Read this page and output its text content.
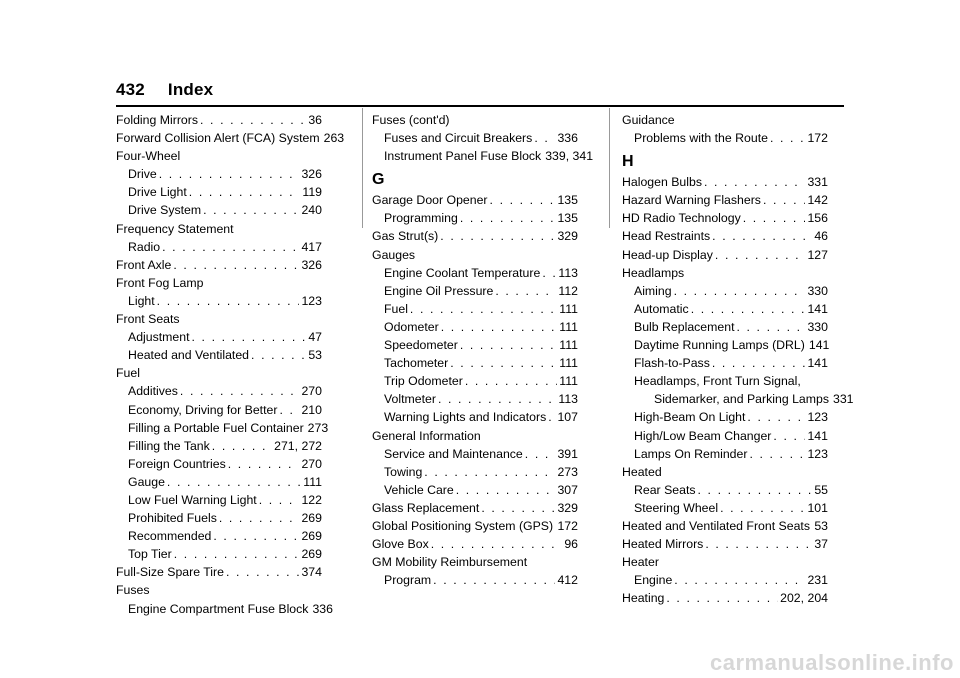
432 Index
Folding Mirrors . . .	36
Forward Collision Alert (FCA) System 263
Four-Wheel
Drive . . .	326
Drive Light . . .	119
Drive System . . .	240
Frequency Statement
Radio . . .	417
Front Axle . . .	326
Front Fog Lamp
Light . . .	123
Front Seats
Adjustment . . .	47
Heated and Ventilated . . .	53
Fuel
Additives . . .	270
Economy, Driving for Better . . . 210
Filling a Portable Fuel Container 273
Filling the Tank . . .	271, 272
Foreign Countries . . .	270
Gauge . . .	111
Low Fuel Warning Light . . .	122
Prohibited Fuels . . .	269
Recommended . . .	269
Top Tier . . .	269
Full-Size Spare Tire . . .	374
Fuses
Engine Compartment Fuse Block 336
Fuses (cont'd)
Fuses and Circuit Breakers . . . 336
Instrument Panel Fuse Block 339, 341
G
Garage Door Opener . . .	135
Programming . . .	135
Gas Strut(s) . . .	329
Gauges
Engine Coolant Temperature . . . 113
Engine Oil Pressure . . .	112
Fuel . . .	111
Odometer . . .	111
Speedometer . . .	111
Tachometer . . .	111
Trip Odometer . . .	111
Voltmeter . . .	113
Warning Lights and Indicators . . . 107
General Information
Service and Maintenance . . .	391
Towing . . .	273
Vehicle Care . . .	307
Glass Replacement . . .	329
Global Positioning System (GPS) . . . 172
Glove Box . . .	96
GM Mobility Reimbursement
Program . . .	412
Guidance
Problems with the Route . . .	172
H
Halogen Bulbs . . .	331
Hazard Warning Flashers . . .	142
HD Radio Technology . . .	156
Head Restraints . . .	46
Head-up Display . . .	127
Headlamps
Aiming . . .	330
Automatic . . .	141
Bulb Replacement . . .	330
Daytime Running Lamps (DRL) 141
Flash-to-Pass . . .	141
Headlamps, Front Turn Signal,
Sidemarker, and Parking Lamps 331
High-Beam On Light . . .	123
High/Low Beam Changer . . .	141
Lamps On Reminder . . .	123
Heated
Rear Seats . . .	55
Steering Wheel . . .	101
Heated and Ventilated Front Seats . . . 53
Heated Mirrors . . .	37
Heater
Engine . . .	231
Heating . . .	202, 204
carmanualsonline.info
